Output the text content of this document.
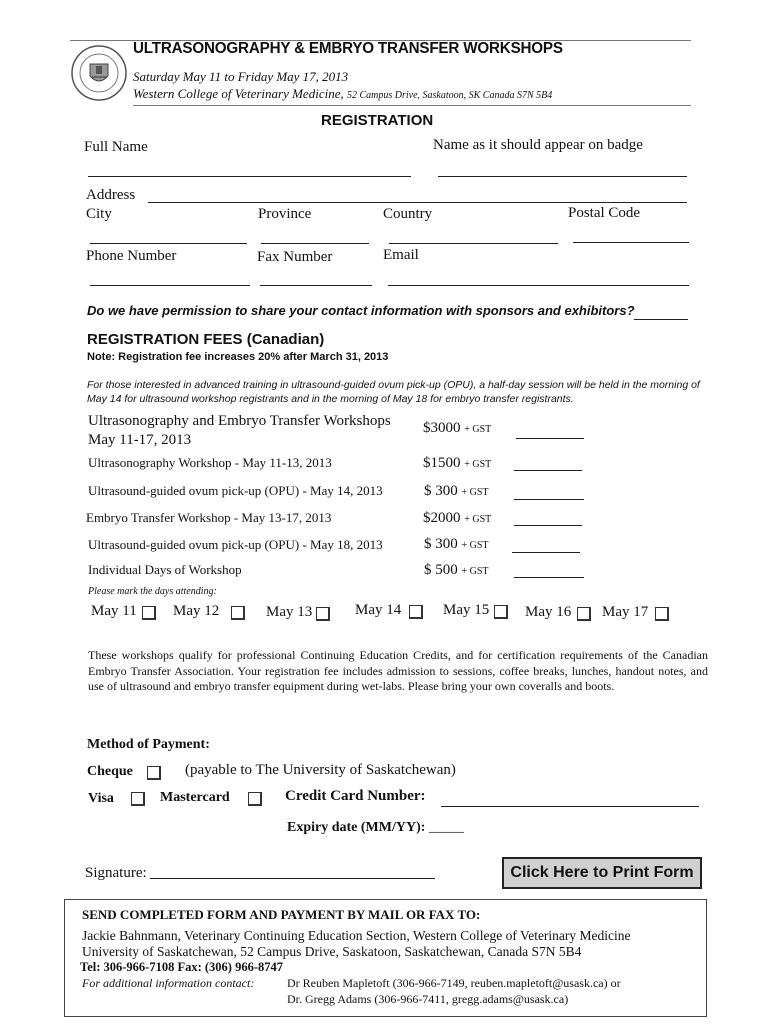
ULTRASONOGRAPHY & EMBRYO TRANSFER WORKSHOPS
Saturday May 11 to Friday May 17, 2013
Western College of Veterinary Medicine, 52 Campus Drive, Saskatoon, SK Canada S7N 5B4
REGISTRATION
Full Name	Name as it should appear on badge
Address
City	Province	Country	Postal Code
Phone Number	Fax Number	Email
Do we have permission to share your contact information with sponsors and exhibitors?
REGISTRATION FEES (Canadian)
Note: Registration fee increases 20% after March 31, 2013
For those interested in advanced training in ultrasound-guided ovum pick-up (OPU), a half-day session will be held in the morning of May 14 for ultrasound workshop registrants and in the morning of May 18 for embryo transfer registrants.
Ultrasonography and Embryo Transfer Workshops
May 11-17, 2013
$3000 + GST
Ultrasonography Workshop - May 11-13, 2013	$1500 + GST
Ultrasound-guided ovum pick-up (OPU) - May 14, 2013	$ 300 + GST
Embryo Transfer Workshop - May 13-17, 2013	$2000 + GST
Ultrasound-guided ovum pick-up (OPU) - May 18, 2013	$ 300 + GST
Individual Days of Workshop	$ 500 + GST
Please mark the days attending:
May 11 May 12	May 13	May 14	May 15 May 16 May 17
These workshops qualify for professional Continuing Education Credits, and for certification requirements of the Canadian Embryo Transfer Association. Your registration fee includes admission to sessions, coffee breaks, lunches, handout notes, and use of ultrasound and embryo transfer equipment during wet-labs. Please bring your own coveralls and boots.
Method of Payment:
Cheque	(payable to The University of Saskatchewan)
Visa	Mastercard	Credit Card Number:
Expiry date (MM/YY): _____
Signature:	Click Here to Print Form
SEND COMPLETED FORM AND PAYMENT BY MAIL OR FAX TO:
Jackie Bahnmann, Veterinary Continuing Education Section, Western College of Veterinary Medicine
University of Saskatchewan, 52 Campus Drive, Saskatoon, Saskatchewan, Canada S7N 5B4
Tel: 306-966-7108 Fax: (306) 966-8747
For additional information contact:	Dr Reuben Mapletoft (306-966-7149, reuben.mapletoft@usask.ca) or
Dr. Gregg Adams (306-966-7411, gregg.adams@usask.ca)
